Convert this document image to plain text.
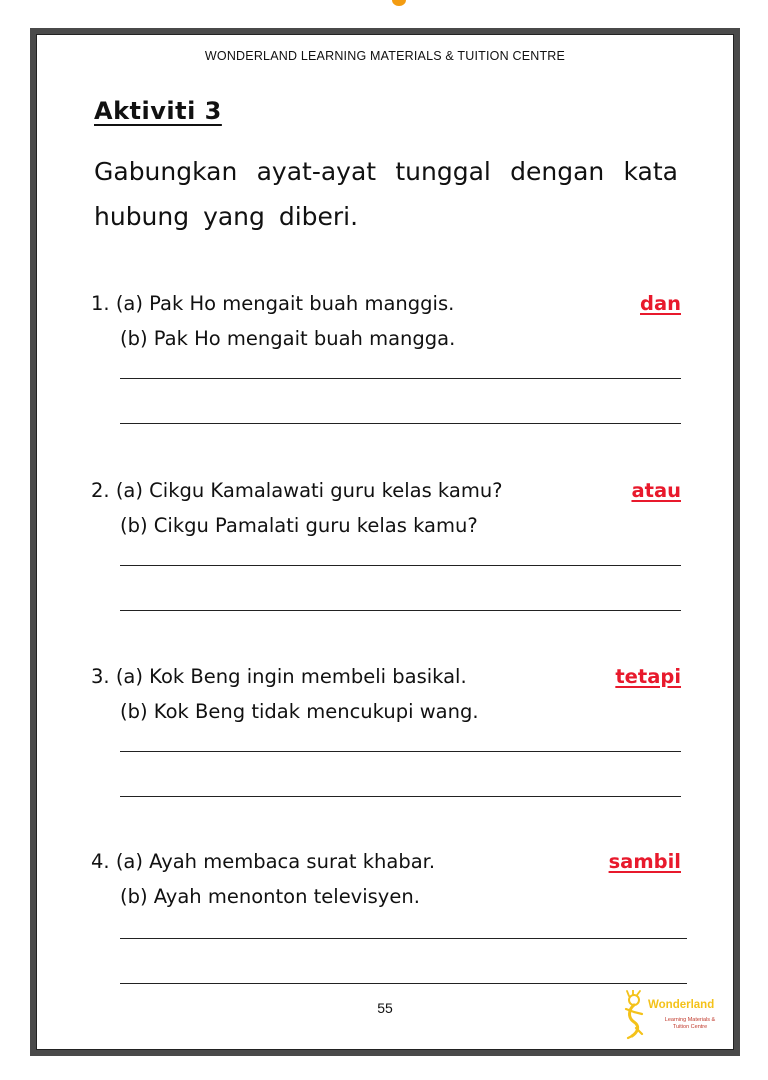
WONDERLAND LEARNING MATERIALS & TUITION CENTRE
Aktiviti 3
Gabungkan ayat-ayat tunggal dengan kata hubung yang diberi.
1. (a) Pak Ho mengait buah manggis.
(b) Pak Ho mengait buah mangga.
dan
2. (a) Cikgu Kamalawati guru kelas kamu?
(b) Cikgu Pamalati guru kelas kamu?
atau
3. (a) Kok Beng ingin membeli basikal.
(b) Kok Beng tidak mencukupi wang.
tetapi
4. (a) Ayah membaca surat khabar.
(b) Ayah menonton televisyen.
sambil
55	Wonderland
Learning Materials &
Tuition Centre
